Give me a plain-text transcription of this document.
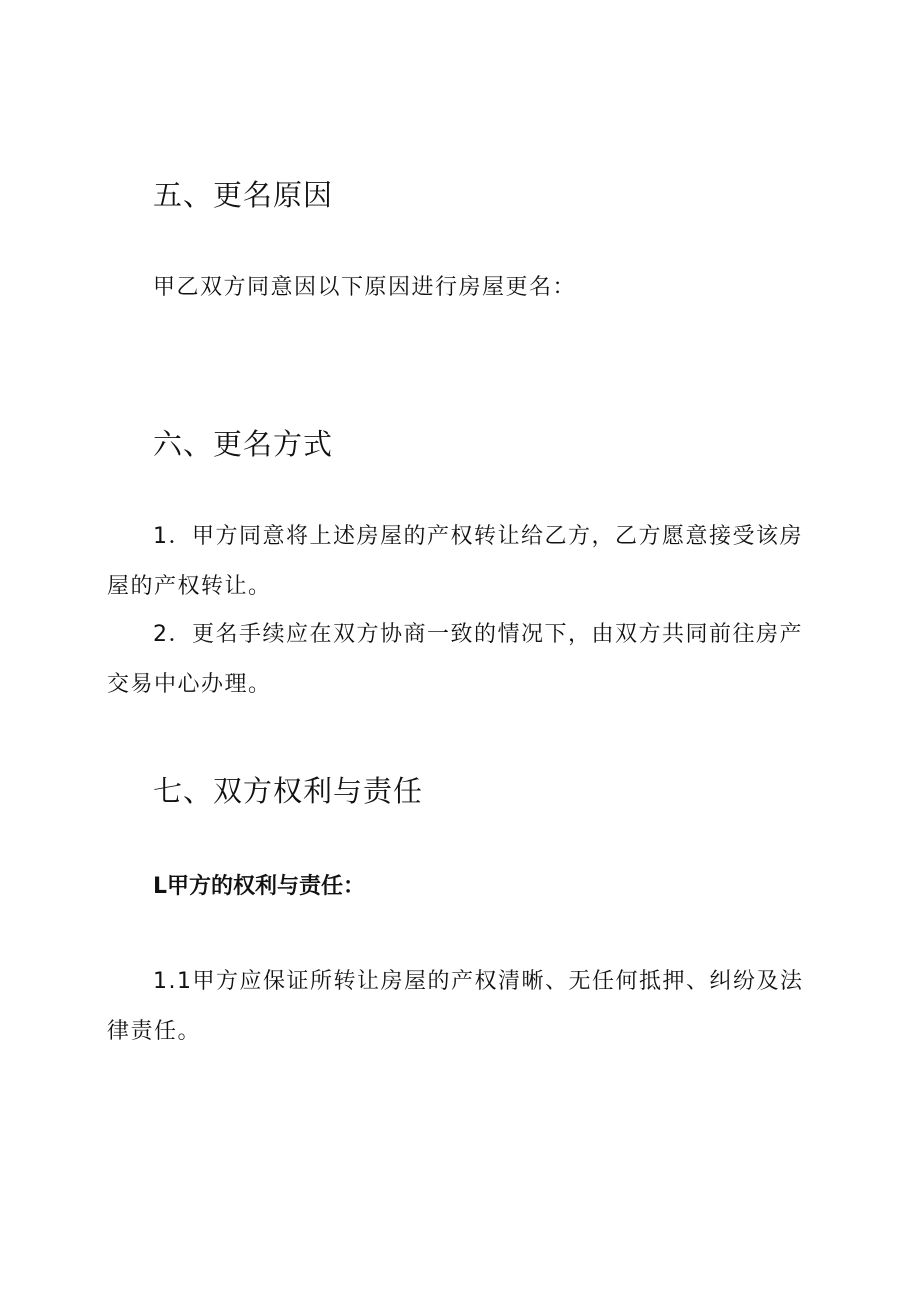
五、更名原因

甲乙双方同意因以下原因进行房屋更名：

六、更名方式

1．甲方同意将上述房屋的产权转让给乙方，乙方愿意接受该房
屋的产权转让。

2．更名手续应在双方协商一致的情况下，由双方共同前往房产
交易中心办理。

七、双方权利与责任

L甲方的权利与责任：

1.1甲方应保证所转让房屋的产权清晰、无任何抵押、纠纷及法
律责任。
